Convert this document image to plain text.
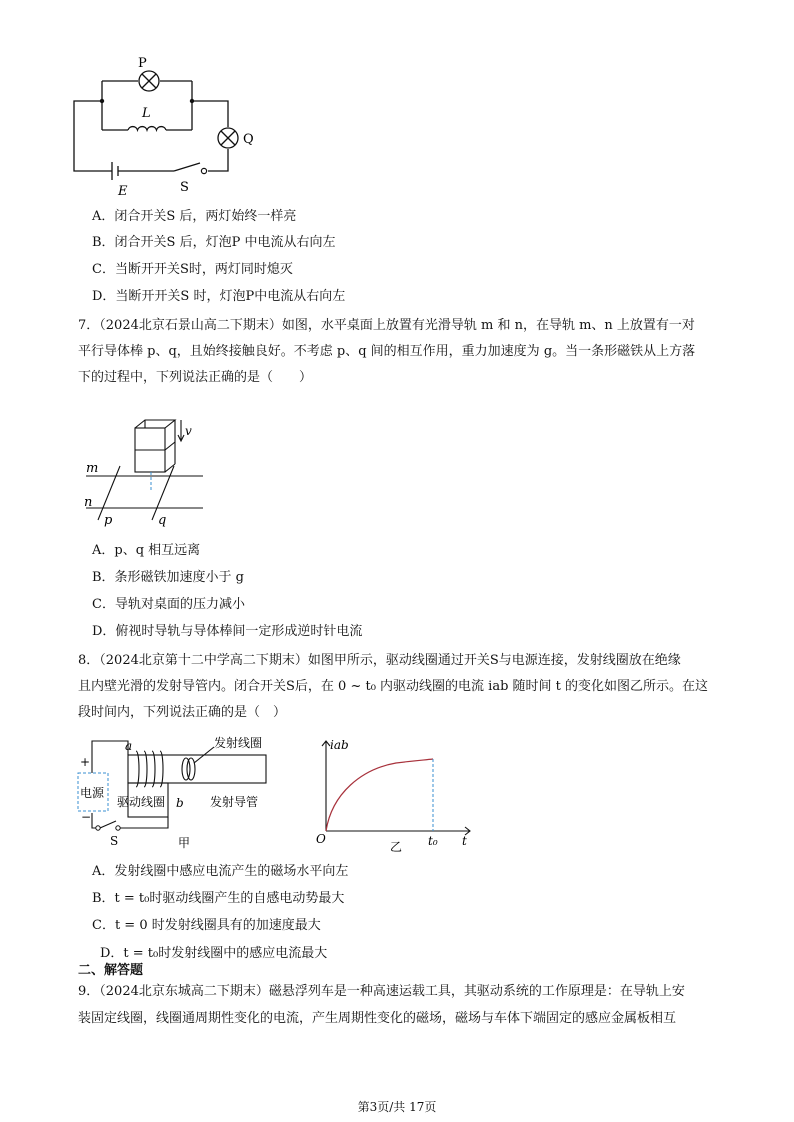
P
Q
L
E	S
A．闭合开关S 后，两灯始终一样亮
B．闭合开关S 后，灯泡P 中电流从右向左
C．当断开开关S时，两灯同时熄灭
D．当断开开关S 时，灯泡P中电流从右向左
7．（2024北京石景山高二下期末）如图，水平桌面上放置有光滑导轨 m 和 n，在导轨 m、n 上放置有一对
平行导体棒 p、q，且始终接触良好。不考虑 p、q 间的相互作用，重力加速度为 g。当一条形磁铁从上方落
下的过程中，下列说法正确的是（　　）
v
m
n
p	q
A．p、q 相互远离
B．条形磁铁加速度小于 g
C．导轨对桌面的压力减小
D．俯视时导轨与导体棒间一定形成逆时针电流
8．（2024北京第十二中学高二下期末）如图甲所示，驱动线圈通过开关S与电源连接，发射线圈放在绝缘
且内壁光滑的发射导管内。闭合开关S后，在 0 ~ t₀ 内驱动线圈的电流 iab 随时间 t 的变化如图乙所示。在这
段时间内，下列说法正确的是（　）
+
−
电源
a
b
发射线圈
驱动线圈	发射导管
S	甲
iab
O	t₀ t
乙
A．发射线圈中感应电流产生的磁场水平向左
B．t = t₀时驱动线圈产生的自感电动势最大
C．t = 0 时发射线圈具有的加速度最大
D．t = t₀时发射线圈中的感应电流最大
二、解答题
9．（2024北京东城高二下期末）磁悬浮列车是一种高速运载工具，其驱动系统的工作原理是：在导轨上安
装固定线圈，线圈通周期性变化的电流，产生周期性变化的磁场，磁场与车体下端固定的感应金属板相互
第3页/共 17页
